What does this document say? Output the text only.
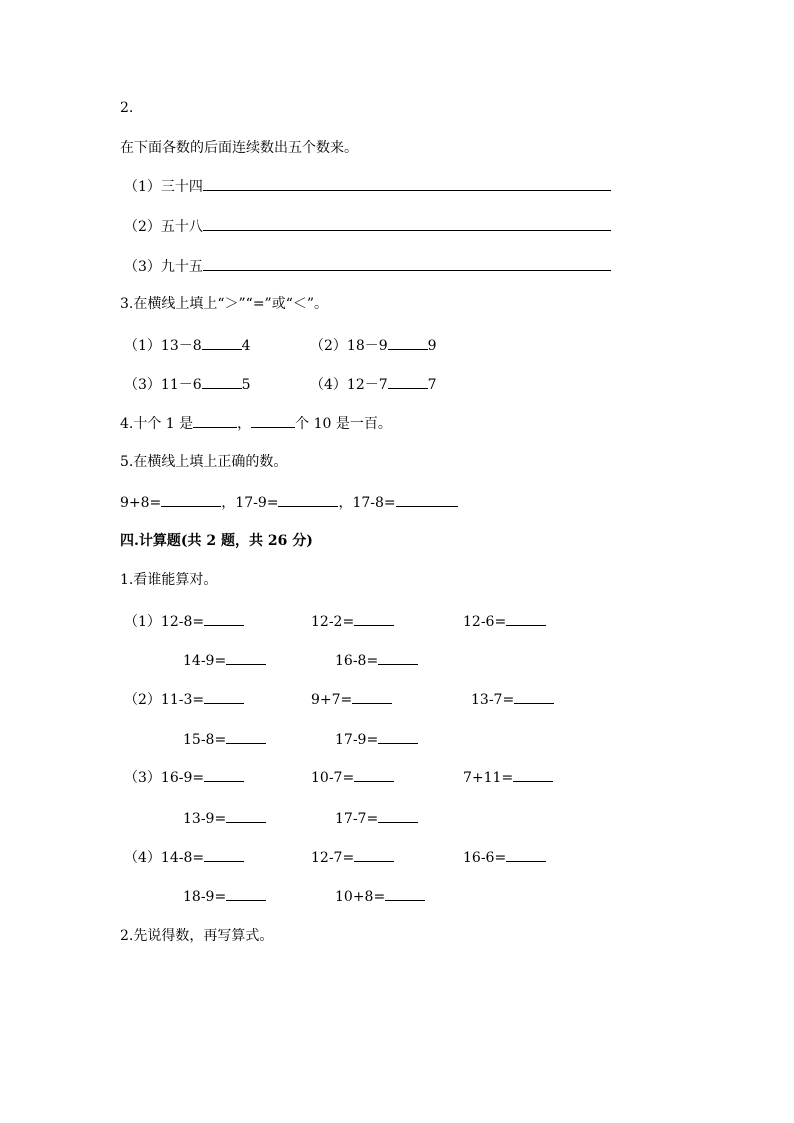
2.
在下面各数的后面连续数出五个数来。
（1）三十四
（2）五十八
（3）九十五
3.在横线上填上“＞”“=”或“＜”。
（1）13－8	4	（2）18－9	9
（3）11－6	5	（4）12－7	7
4.十个 1 是	，	个 10 是一百。
5.在横线上填上正确的数。
9+8=	，17-9=	，17-8=
四.计算题(共 2 题，共 26 分)
1.看谁能算对。
（1）12-8=	12-2=	12-6=
14-9=	16-8=
（2）11-3=	9+7=	13-7=
15-8=	17-9=
（3）16-9=	10-7=	7+11=
13-9=	17-7=
（4）14-8=	12-7=	16-6=
18-9=	10+8=
2.先说得数，再写算式。
